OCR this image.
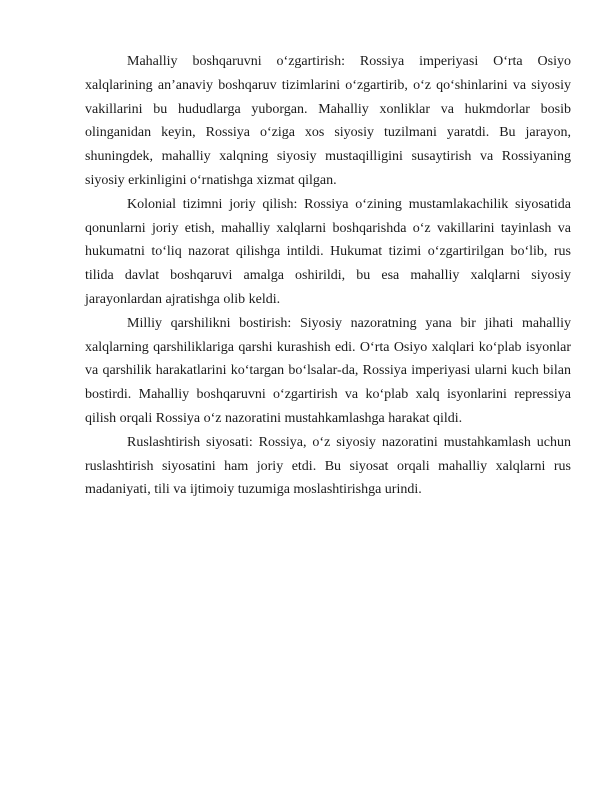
Mahalliy boshqaruvni o‘zgartirish: Rossiya imperiyasi O‘rta Osiyo xalqlarining an’anaviy boshqaruv tizimlarini o‘zgartirib, o‘z qo‘shinlarini va siyosiy vakillarini bu hududlarga yuborgan. Mahalliy xonliklar va hukmdorlar bosib olinganidan keyin, Rossiya o‘ziga xos siyosiy tuzilmani yaratdi. Bu jarayon, shuningdek, mahalliy xalqning siyosiy mustaqilligini susaytirish va Rossiyaning siyosiy erkinligini o‘rnatishga xizmat qilgan.

Kolonial tizimni joriy qilish: Rossiya o‘zining mustamlakachilik siyosatida qonunlarni joriy etish, mahalliy xalqlarni boshqarishda o‘z vakillarini tayinlash va hukumatni to‘liq nazorat qilishga intildi. Hukumat tizimi o‘zgartirilgan bo‘lib, rus tilida davlat boshqaruvi amalga oshirildi, bu esa mahalliy xalqlarni siyosiy jarayonlardan ajratishga olib keldi.

Milliy qarshilikni bostirish: Siyosiy nazoratning yana bir jihati mahalliy xalqlarning qarshiliklariga qarshi kurashish edi. O‘rta Osiyo xalqlari ko‘plab isyonlar va qarshilik harakatlarini ko‘targan bo‘lsalar-da, Rossiya imperiyasi ularni kuch bilan bostirdi. Mahalliy boshqaruvni o‘zgartirish va ko‘plab xalq isyonlarini repressiya qilish orqali Rossiya o‘z nazoratini mustahkamlashga harakat qildi.

Ruslashtirish siyosati: Rossiya, o‘z siyosiy nazoratini mustahkamlash uchun ruslashtirish siyosatini ham joriy etdi. Bu siyosat orqali mahalliy xalqlarni rus madaniyati, tili va ijtimoiy tuzumiga moslashtirishga urindi.
